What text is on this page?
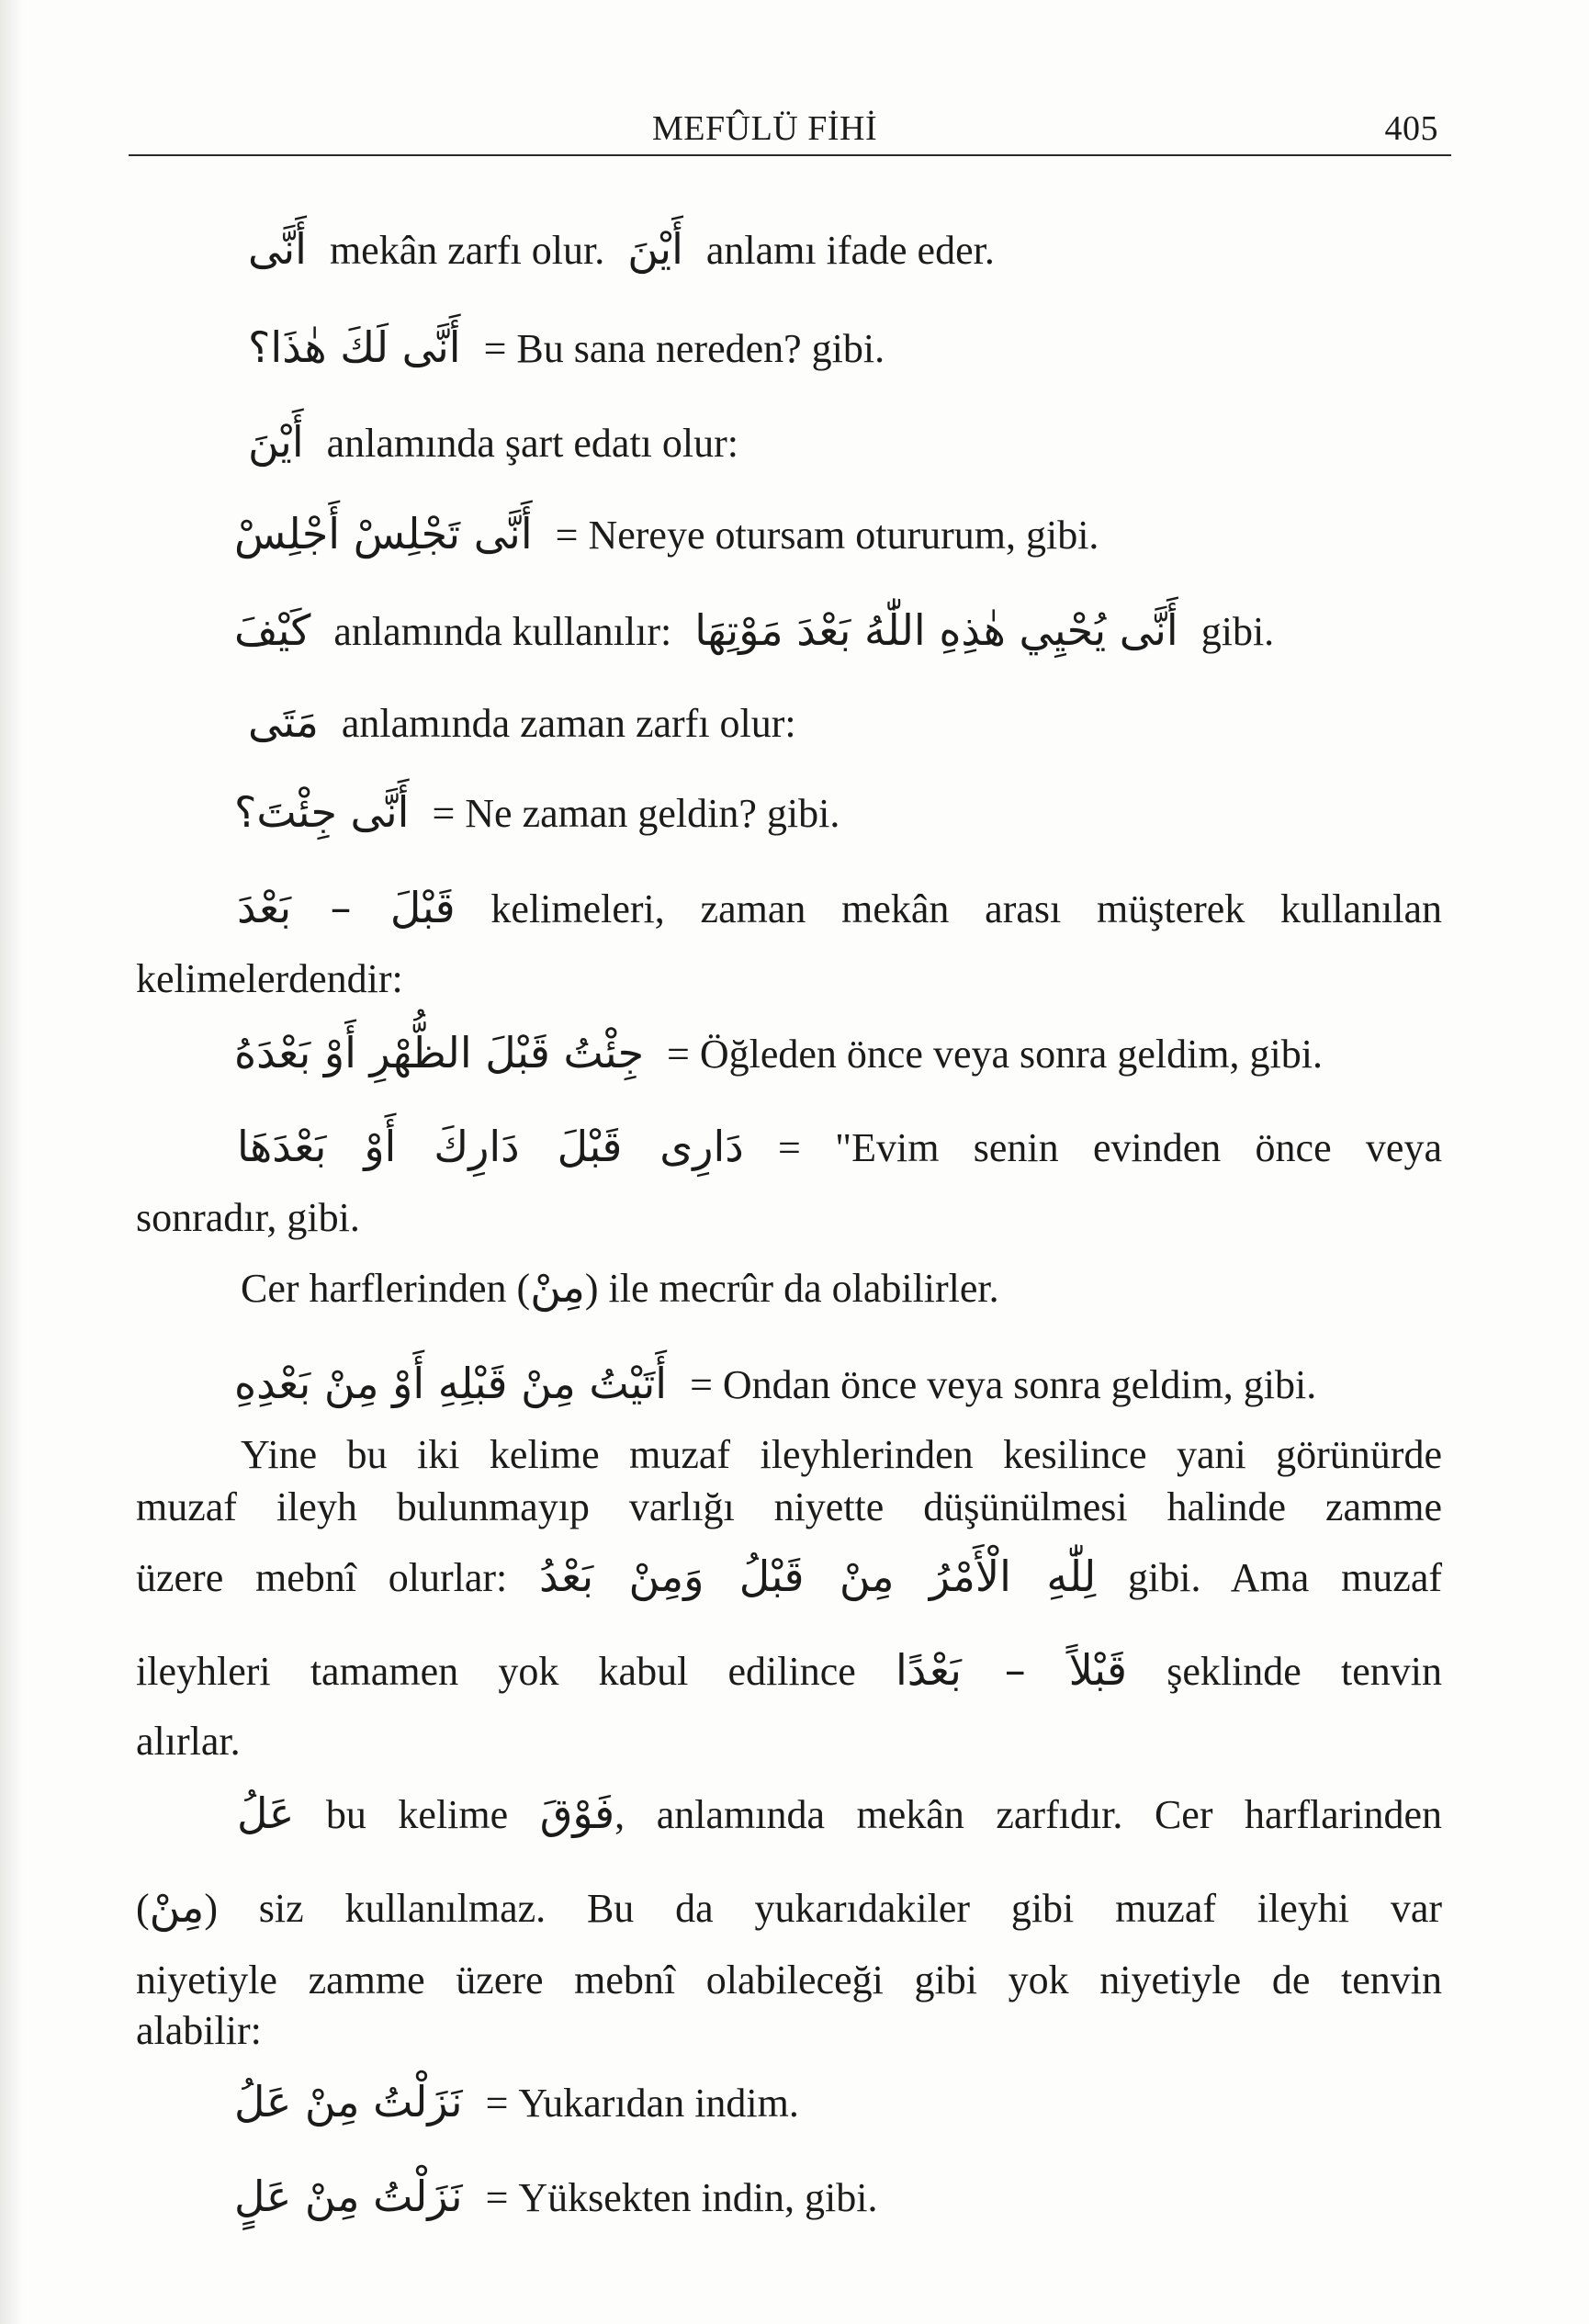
MEFÛLÜ FİHİ	405
أَنَّى mekân zarfı olur. أَيْنَ anlamı ifade eder.
أَنَّى لَكَ هٰذَا؟ = Bu sana nereden? gibi.
أَيْنَ anlamında şart edatı olur:
أَنَّى تَجْلِسْ أَجْلِسْ = Nereye otursam otururum, gibi.
كَيْفَ anlamında kullanılır: أَنَّى يُحْيِي هٰذِهِ اللّٰهُ بَعْدَ مَوْتِهَا gibi.
مَتَى anlamında zaman zarfı olur:
أَنَّى جِئْتَ؟ = Ne zaman geldin? gibi.
قَبْلَ – بَعْدَ kelimeleri, zaman mekân arası müşterek kullanılan
kelimelerdendir:
جِئْتُ قَبْلَ الظُّهْرِ أَوْ بَعْدَهُ = Öğleden önce veya sonra geldim, gibi.
دَارِى قَبْلَ دَارِكَ أَوْ بَعْدَهَا = "Evim senin evinden önce veya
sonradır, gibi.
Cer harflerinden (مِنْ) ile mecrûr da olabilirler.
أَتَيْتُ مِنْ قَبْلِهِ أَوْ مِنْ بَعْدِهِ = Ondan önce veya sonra geldim, gibi.
Yine bu iki kelime muzaf ileyhlerinden kesilince yani görünürde
muzaf ileyh bulunmayıp varlığı niyette düşünülmesi halinde zamme
üzere mebnî olurlar: لِلّٰهِ الْأَمْرُ مِنْ قَبْلُ وَمِنْ بَعْدُ gibi. Ama muzaf
ileyhleri tamamen yok kabul edilince قَبْلاً – بَعْدًا şeklinde tenvin
alırlar.
عَلُ bu kelime فَوْقَ, anlamında mekân zarfıdır. Cer harflarinden
(مِنْ) siz kullanılmaz. Bu da yukarıdakiler gibi muzaf ileyhi var
niyetiyle zamme üzere mebnî olabileceği gibi yok niyetiyle de tenvin
alabilir:
نَزَلْتُ مِنْ عَلُ = Yukarıdan indim.
نَزَلْتُ مِنْ عَلٍ = Yüksekten indin, gibi.
